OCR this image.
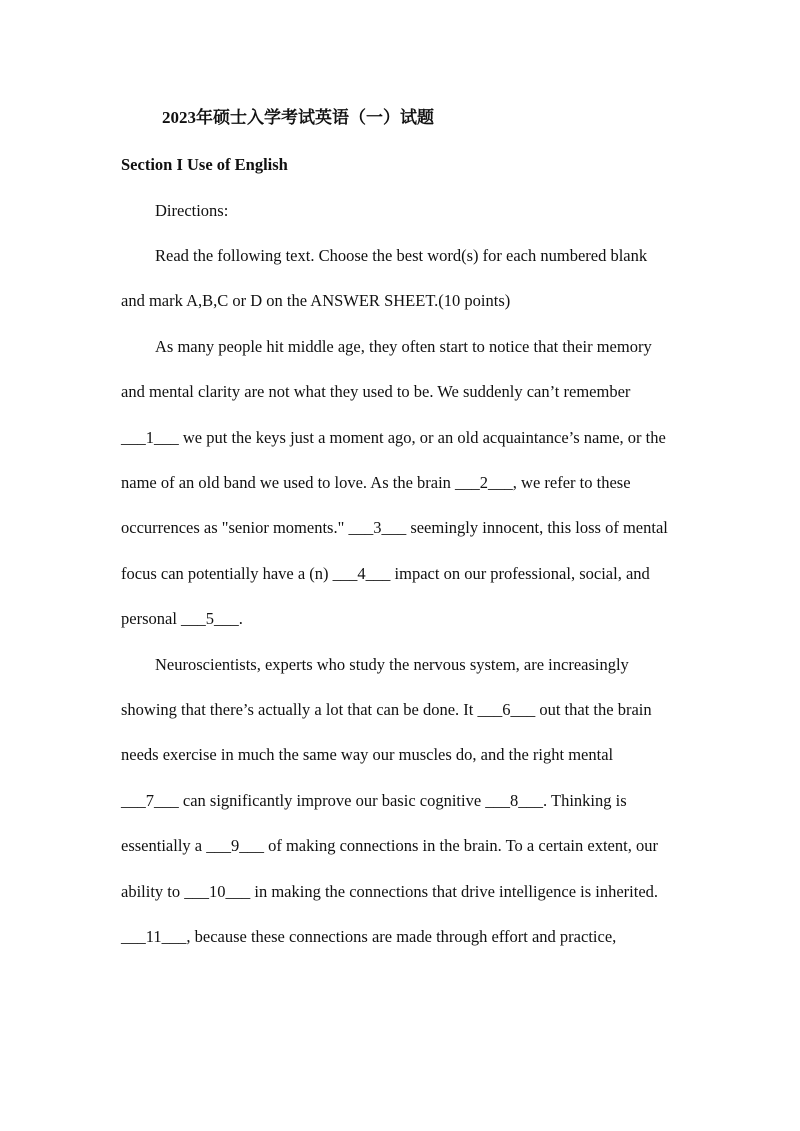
2023年硕士入学考试英语（一）试题
Section I Use of English
Directions:
Read the following text. Choose the best word(s) for each numbered blank
and mark A,B,C or D on the ANSWER SHEET.(10 points)
As many people hit middle age, they often start to notice that their memory
and mental clarity are not what they used to be. We suddenly can’t remember
___1___ we put the keys just a moment ago, or an old acquaintance’s name, or the
name of an old band we used to love. As the brain ___2___, we refer to these
occurrences as "senior moments." ___3___ seemingly innocent, this loss of mental
focus can potentially have a (n) ___4___ impact on our professional, social, and
personal ___5___.
Neuroscientists, experts who study the nervous system, are increasingly
showing that there’s actually a lot that can be done. It ___6___ out that the brain
needs exercise in much the same way our muscles do, and the right mental
___7___ can significantly improve our basic cognitive ___8___. Thinking is
essentially a ___9___ of making connections in the brain. To a certain extent, our
ability to ___10___ in making the connections that drive intelligence is inherited.
___11___, because these connections are made through effort and practice,
